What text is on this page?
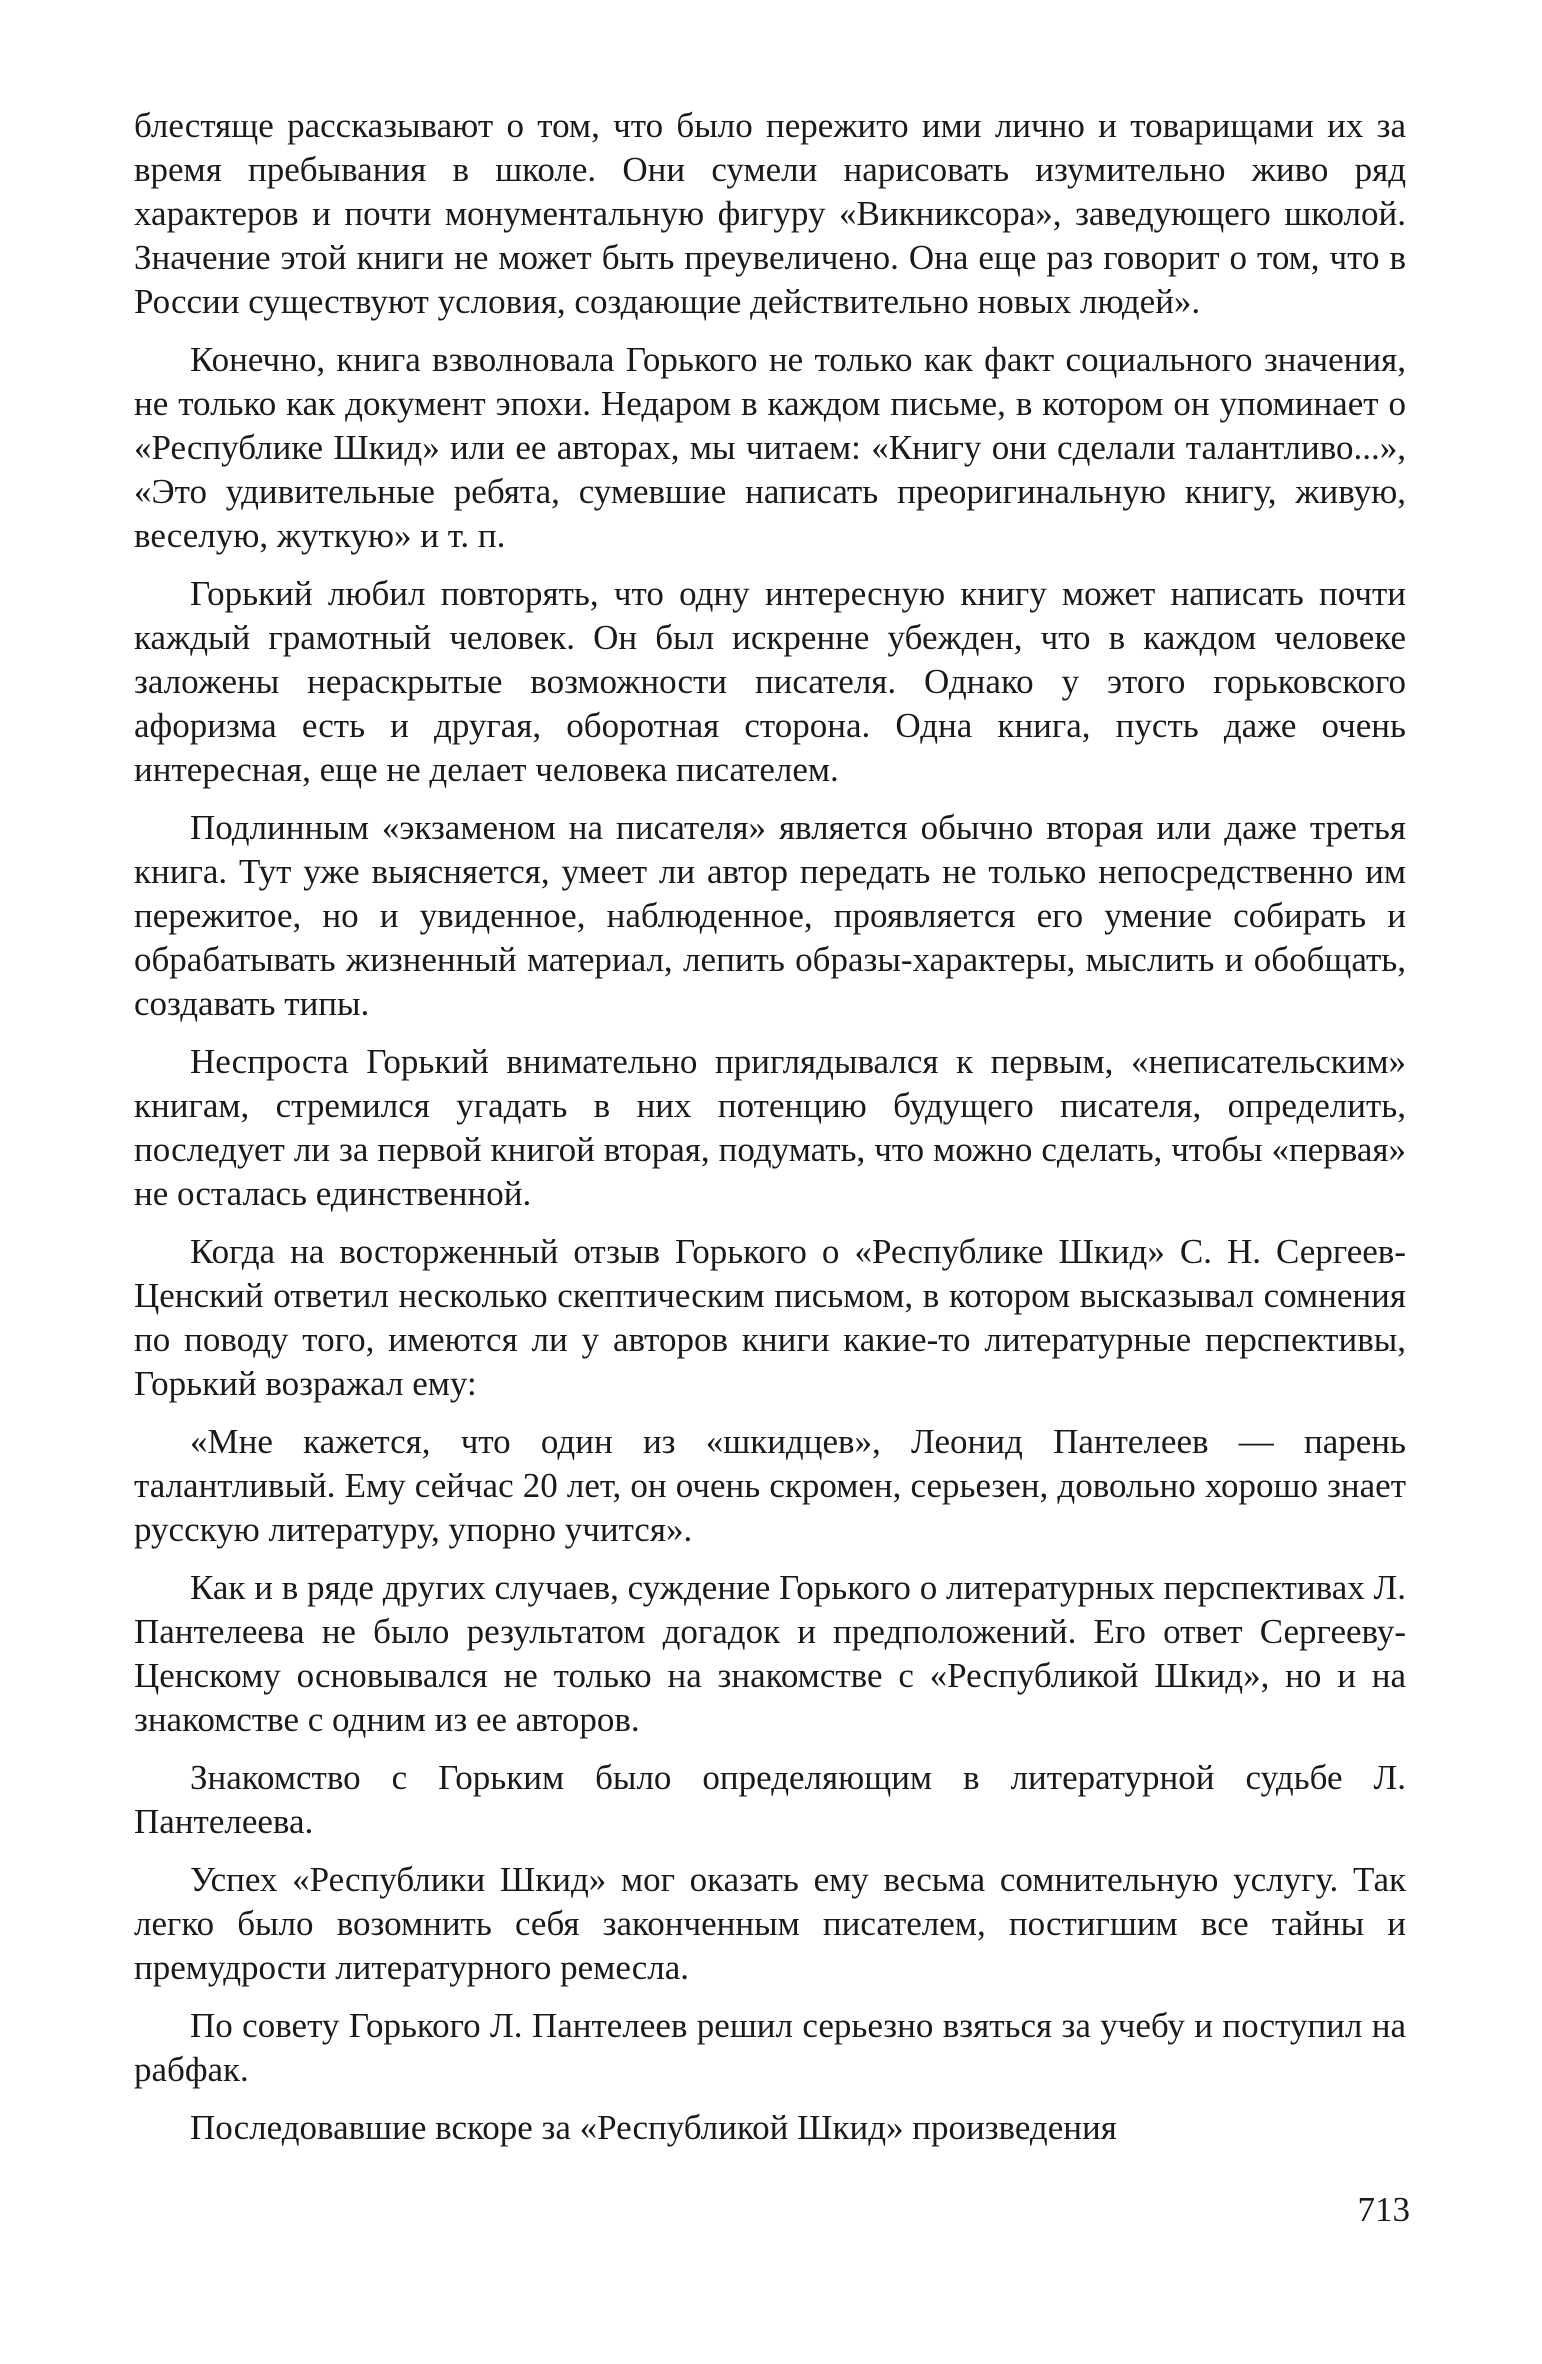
блестяще рассказывают о том, что было пережито ими лично и товарищами их за время пребывания в школе. Они сумели нарисовать изумительно живо ряд характеров и почти монументальную фигуру «Викниксора», заведующего школой. Значение этой книги не может быть преувеличено. Она еще раз говорит о том, что в России существуют условия, создающие действительно новых людей».

Конечно, книга взволновала Горького не только как факт социального значения, не только как документ эпохи. Недаром в каждом письме, в котором он упоминает о «Республике Шкид» или ее авторах, мы читаем: «Книгу они сделали талантливо...», «Это удивительные ребята, сумевшие написать преоригинальную книгу, живую, веселую, жуткую» и т. п.

Горький любил повторять, что одну интересную книгу может написать почти каждый грамотный человек. Он был искренне убежден, что в каждом человеке заложены нераскрытые возможности писателя. Однако у этого горьковского афоризма есть и другая, оборотная сторона. Одна книга, пусть даже очень интересная, еще не делает человека писателем.

Подлинным «экзаменом на писателя» является обычно вторая или даже третья книга. Тут уже выясняется, умеет ли автор передать не только непосредственно им пережитое, но и увиденное, наблюденное, проявляется его умение собирать и обрабатывать жизненный материал, лепить образы-характеры, мыслить и обобщать, создавать типы.

Неспроста Горький внимательно приглядывался к первым, «неписательским» книгам, стремился угадать в них потенцию будущего писателя, определить, последует ли за первой книгой вторая, подумать, что можно сделать, чтобы «первая» не осталась единственной.

Когда на восторженный отзыв Горького о «Республике Шкид» С. Н. Сергеев-Ценский ответил несколько скептическим письмом, в котором высказывал сомнения по поводу того, имеются ли у авторов книги какие-то литературные перспективы, Горький возражал ему:

«Мне кажется, что один из «шкидцев», Леонид Пантелеев — парень талантливый. Ему сейчас 20 лет, он очень скромен, серьезен, довольно хорошо знает русскую литературу, упорно учится».

Как и в ряде других случаев, суждение Горького о литературных перспективах Л. Пантелеева не было результатом догадок и предположений. Его ответ Сергееву-Ценскому основывался не только на знакомстве с «Республикой Шкид», но и на знакомстве с одним из ее авторов.

Знакомство с Горьким было определяющим в литературной судьбе Л. Пантелеева.

Успех «Республики Шкид» мог оказать ему весьма сомнительную услугу. Так легко было возомнить себя законченным писателем, постигшим все тайны и премудрости литературного ремесла.

По совету Горького Л. Пантелеев решил серьезно взяться за учебу и поступил на рабфак.

Последовавшие вскоре за «Республикой Шкид» произведения

713
